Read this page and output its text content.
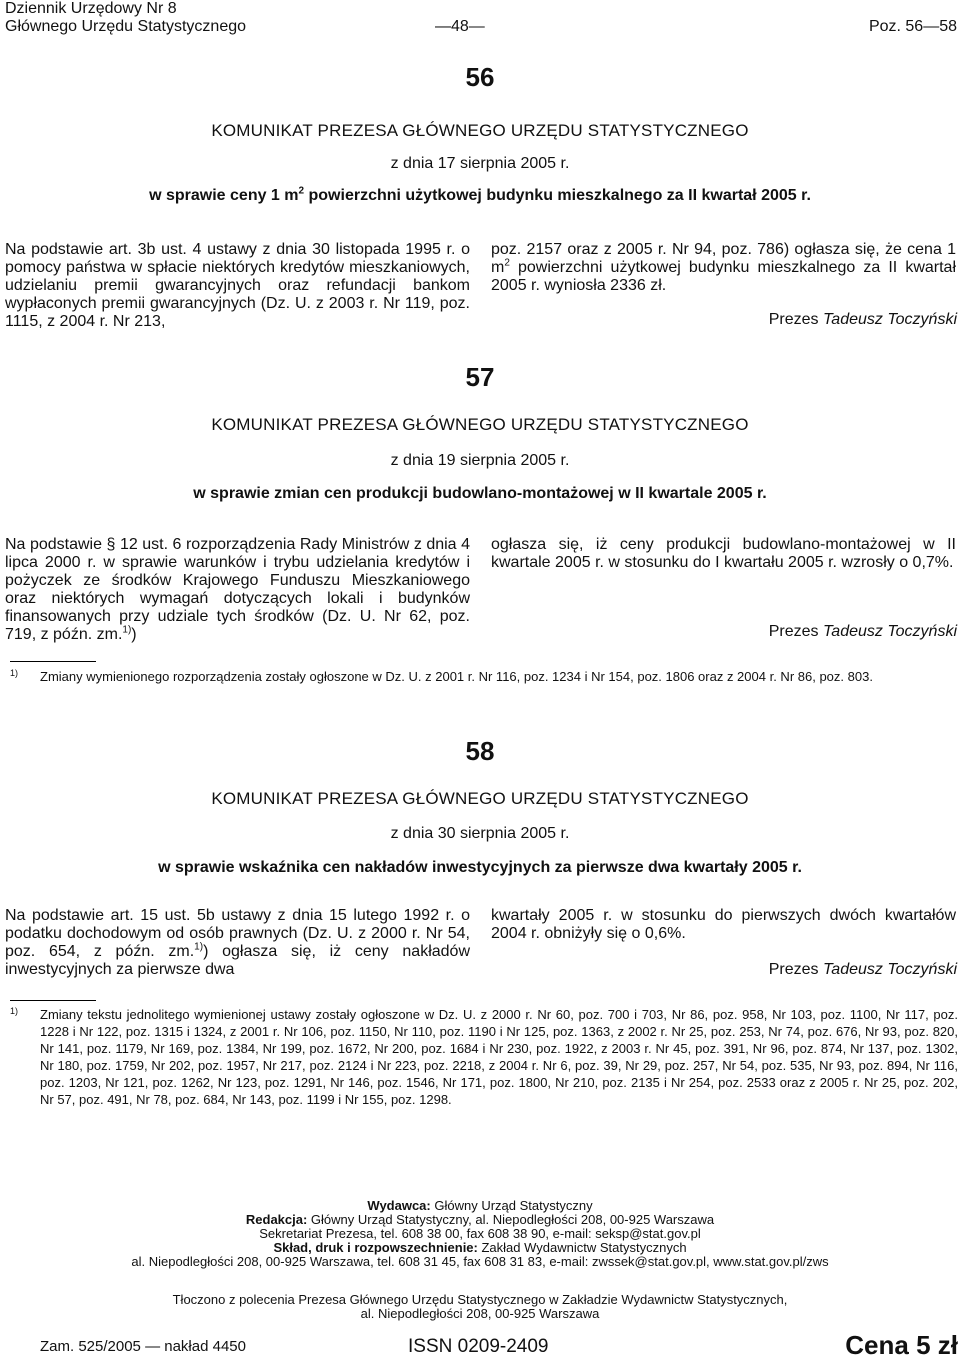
Dziennik Urzędowy Nr 8
Głównego Urzędu Statystycznego	—48—	Poz. 56—58
56
KOMUNIKAT PREZESA GŁÓWNEGO URZĘDU STATYSTYCZNEGO
z dnia 17 sierpnia 2005 r.
w sprawie ceny 1 $m^2$ powierzchni użytkowej budynku mieszkalnego za II kwartał 2005 r.

Na podstawie art. 3b ust. 4 ustawy z dnia 30 listopada 1995 r. o pomocy państwa w spłacie niektórych kredytów mieszkaniowych, udzielaniu premii gwarancyjnych oraz refundacji bankom wypłaconych premii gwarancyjnych (Dz. U. z 2003 r. Nr 119, poz. 1115, z 2004 r. Nr 213,

poz. 2157 oraz z 2005 r. Nr 94, poz. 786) ogłasza się, że cena 1 $m^2$ powierzchni użytkowej budynku mieszkalnego za II kwartał 2005 r. wyniosła 2336 zł.

Prezes Tadeusz Toczyński
57
KOMUNIKAT PREZESA GŁÓWNEGO URZĘDU STATYSTYCZNEGO
z dnia 19 sierpnia 2005 r.
w sprawie zmian cen produkcji budowlano-montażowej w II kwartale 2005 r.

Na podstawie § 12 ust. 6 rozporządzenia Rady Ministrów z dnia 4 lipca 2000 r. w sprawie warunków i trybu udzielania kredytów i pożyczek ze środków Krajowego Funduszu Mieszkaniowego oraz niektórych wymagań dotyczących lokali i budynków finansowanych przy udziale tych środków (Dz. U. Nr 62, poz. 719, z późn. zm.$^{1)}$)

ogłasza się, iż ceny produkcji budowlano-montażowej w II kwartale 2005 r. w stosunku do I kwartału 2005 r. wzrosły o 0,7%.

Prezes Tadeusz Toczyński
1) Zmiany wymienionego rozporządzenia zostały ogłoszone w Dz. U. z 2001 r. Nr 116, poz. 1234 i Nr 154, poz. 1806 oraz z 2004 r. Nr 86, poz. 803.
58
KOMUNIKAT PREZESA GŁÓWNEGO URZĘDU STATYSTYCZNEGO
z dnia 30 sierpnia 2005 r.
w sprawie wskaźnika cen nakładów inwestycyjnych za pierwsze dwa kwartały 2005 r.

Na podstawie art. 15 ust. 5b ustawy z dnia 15 lutego 1992 r. o podatku dochodowym od osób prawnych (Dz. U. z 2000 r. Nr 54, poz. 654, z późn. zm.$^{1)}$) ogłasza się, iż ceny nakładów inwestycyjnych za pierwsze dwa

kwartały 2005 r. w stosunku do pierwszych dwóch kwartałów 2004 r. obniżyły się o 0,6%.

Prezes Tadeusz Toczyński
1) Zmiany tekstu jednolitego wymienionej ustawy zostały ogłoszone w Dz. U. z 2000 r. Nr 60, poz. 700 i 703, Nr 86, poz. 958, Nr 103, poz. 1100, Nr 117, poz. 1228 i Nr 122, poz. 1315 i 1324, z 2001 r. Nr 106, poz. 1150, Nr 110, poz. 1190 i Nr 125, poz. 1363, z 2002 r. Nr 25, poz. 253, Nr 74, poz. 676, Nr 93, poz. 820, Nr 141, poz. 1179, Nr 169, poz. 1384, Nr 199, poz. 1672, Nr 200, poz. 1684 i Nr 230, poz. 1922, z 2003 r. Nr 45, poz. 391, Nr 96, poz. 874, Nr 137, poz. 1302, Nr 180, poz. 1759, Nr 202, poz. 1957, Nr 217, poz. 2124 i Nr 223, poz. 2218, z 2004 r. Nr 6, poz. 39, Nr 29, poz. 257, Nr 54, poz. 535, Nr 93, poz. 894, Nr 116, poz. 1203, Nr 121, poz. 1262, Nr 123, poz. 1291, Nr 146, poz. 1546, Nr 171, poz. 1800, Nr 210, poz. 2135 i Nr 254, poz. 2533 oraz z 2005 r. Nr 25, poz. 202, Nr 57, poz. 491, Nr 78, poz. 684, Nr 143, poz. 1199 i Nr 155, poz. 1298.
Wydawca: Główny Urząd Statystyczny
Redakcja: Główny Urząd Statystyczny, al. Niepodległości 208, 00-925 Warszawa
Sekretariat Prezesa, tel. 608 38 00, fax 608 38 90, e-mail: seksp@stat.gov.pl
Skład, druk i rozpowszechnienie: Zakład Wydawnictw Statystycznych
al. Niepodległości 208, 00-925 Warszawa, tel. 608 31 45, fax 608 31 83, e-mail: zwssek@stat.gov.pl, www.stat.gov.pl/zws
Tłoczono z polecenia Prezesa Głównego Urzędu Statystycznego w Zakładzie Wydawnictw Statystycznych,
al. Niepodległości 208, 00-925 Warszawa
Zam. 525/2005 — nakład 4450	ISSN 0209-2409	Cena 5 zł
